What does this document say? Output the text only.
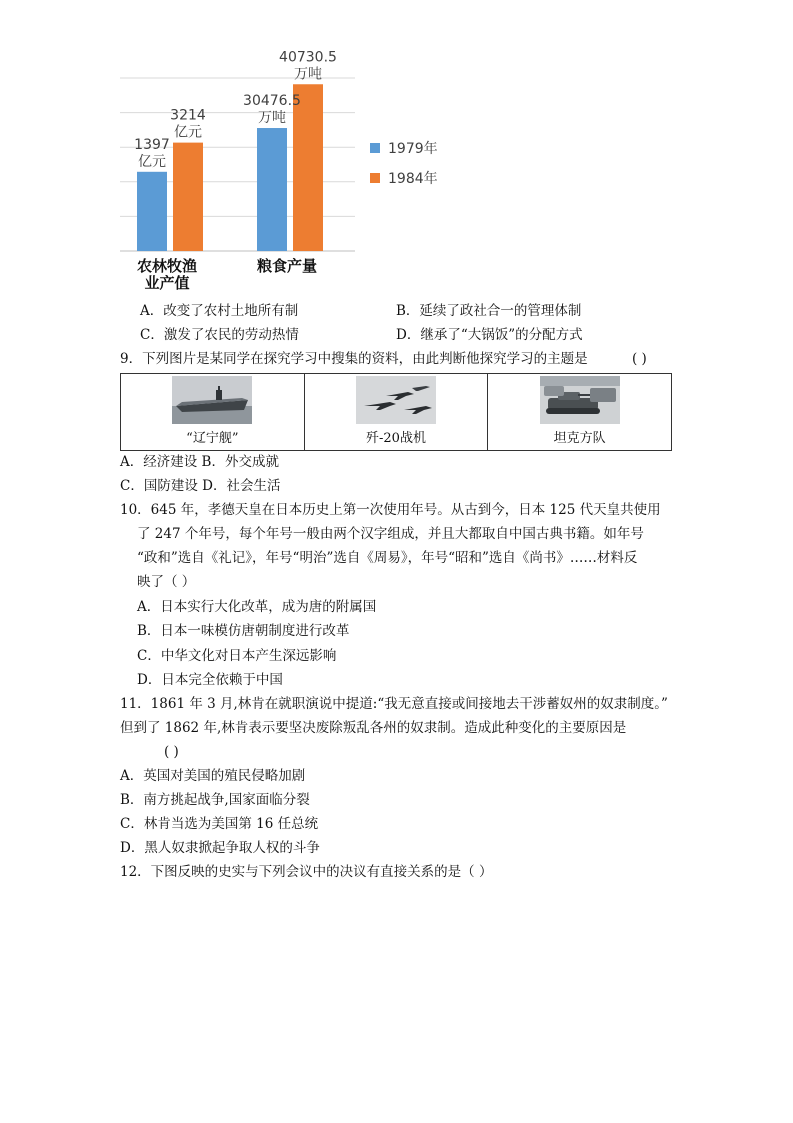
1397
亿元
3214
亿元
30476.5
万吨
40730.5
万吨
农林牧渔
业产值
粮食产量
1979年
1984年
A．改变了农村土地所有制	B．延续了政社合一的管理体制
C．激发了农民的劳动热情	D．继承了“大锅饭”的分配方式
9．下列图片是某同学在探究学习中搜集的资料，由此判断他探究学习的主题是	( )
“辽宁舰”	歼-20战机	坦克方队
A．经济建设 B．外交成就
C．国防建设 D．社会生活
10．645 年，孝德天皇在日本历史上第一次使用年号。从古到今，日本 125 代天皇共使用
了 247 个年号，每个年号一般由两个汉字组成，并且大都取自中国古典书籍。如年号
“政和”选自《礼记》，年号“明治”选自《周易》，年号“昭和”选自《尚书》……材料反
映了（ ）
A．日本实行大化改革，成为唐的附属国
B．日本一味模仿唐朝制度进行改革
C．中华文化对日本产生深远影响
D．日本完全依赖于中国
11．1861 年 3 月,林肯在就职演说中提道:“我无意直接或间接地去干涉蓄奴州的奴隶制度。”
但到了 1862 年,林肯表示要坚决废除叛乱各州的奴隶制。造成此种变化的主要原因是
( )
A．英国对美国的殖民侵略加剧
B．南方挑起战争,国家面临分裂
C．林肯当选为美国第 16 任总统
D．黑人奴隶掀起争取人权的斗争
12．下图反映的史实与下列会议中的决议有直接关系的是（ ）
